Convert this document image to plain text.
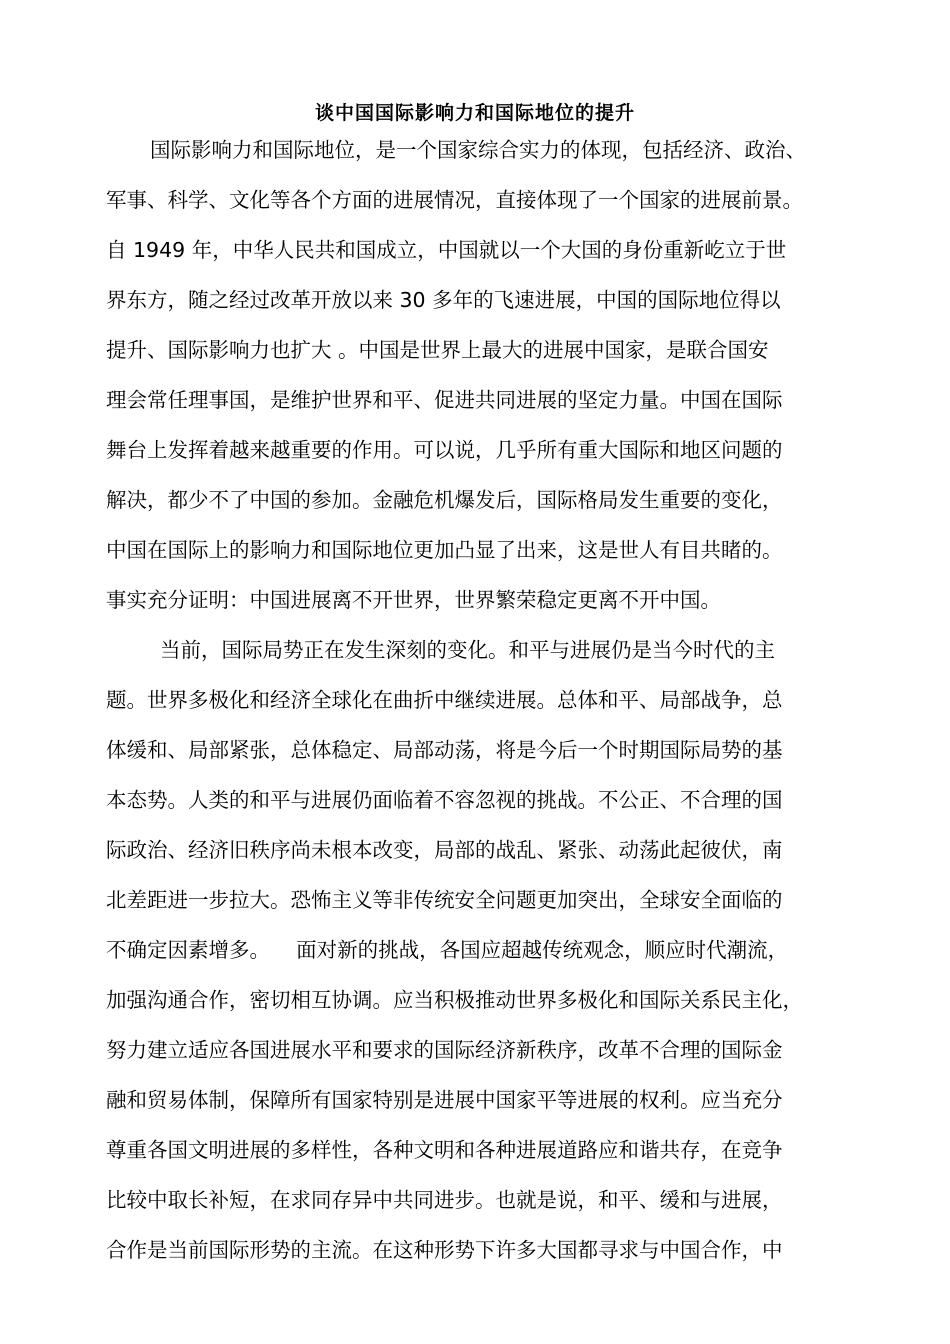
谈中国国际影响力和国际地位的提升
国际影响力和国际地位，是一个国家综合实力的体现，包括经济、政治、
军事、科学、文化等各个方面的进展情况，直接体现了一个国家的进展前景。
自 1949 年，中华人民共和国成立，中国就以一个大国的身份重新屹立于世
界东方，随之经过改革开放以来 30 多年的飞速进展，中国的国际地位得以
提升、国际影响力也扩大 。中国是世界上最大的进展中国家，是联合国安
理会常任理事国，是维护世界和平、促进共同进展的坚定力量。中国在国际
舞台上发挥着越来越重要的作用。可以说，几乎所有重大国际和地区问题的
解决，都少不了中国的参加。金融危机爆发后，国际格局发生重要的变化，
中国在国际上的影响力和国际地位更加凸显了出来，这是世人有目共睹的。
事实充分证明：中国进展离不开世界，世界繁荣稳定更离不开中国。
当前，国际局势正在发生深刻的变化。和平与进展仍是当今时代的主
题。世界多极化和经济全球化在曲折中继续进展。总体和平、局部战争，总
体缓和、局部紧张，总体稳定、局部动荡，将是今后一个时期国际局势的基
本态势。人类的和平与进展仍面临着不容忽视的挑战。不公正、不合理的国
际政治、经济旧秩序尚未根本改变，局部的战乱、紧张、动荡此起彼伏，南
北差距进一步拉大。恐怖主义等非传统安全问题更加突出，全球安全面临的
不确定因素增多。    面对新的挑战，各国应超越传统观念，顺应时代潮流，
加强沟通合作，密切相互协调。应当积极推动世界多极化和国际关系民主化，
努力建立适应各国进展水平和要求的国际经济新秩序，改革不合理的国际金
融和贸易体制，保障所有国家特别是进展中国家平等进展的权利。应当充分
尊重各国文明进展的多样性，各种文明和各种进展道路应和谐共存，在竞争
比较中取长补短，在求同存异中共同进步。也就是说，和平、缓和与进展，
合作是当前国际形势的主流。在这种形势下许多大国都寻求与中国合作，中
